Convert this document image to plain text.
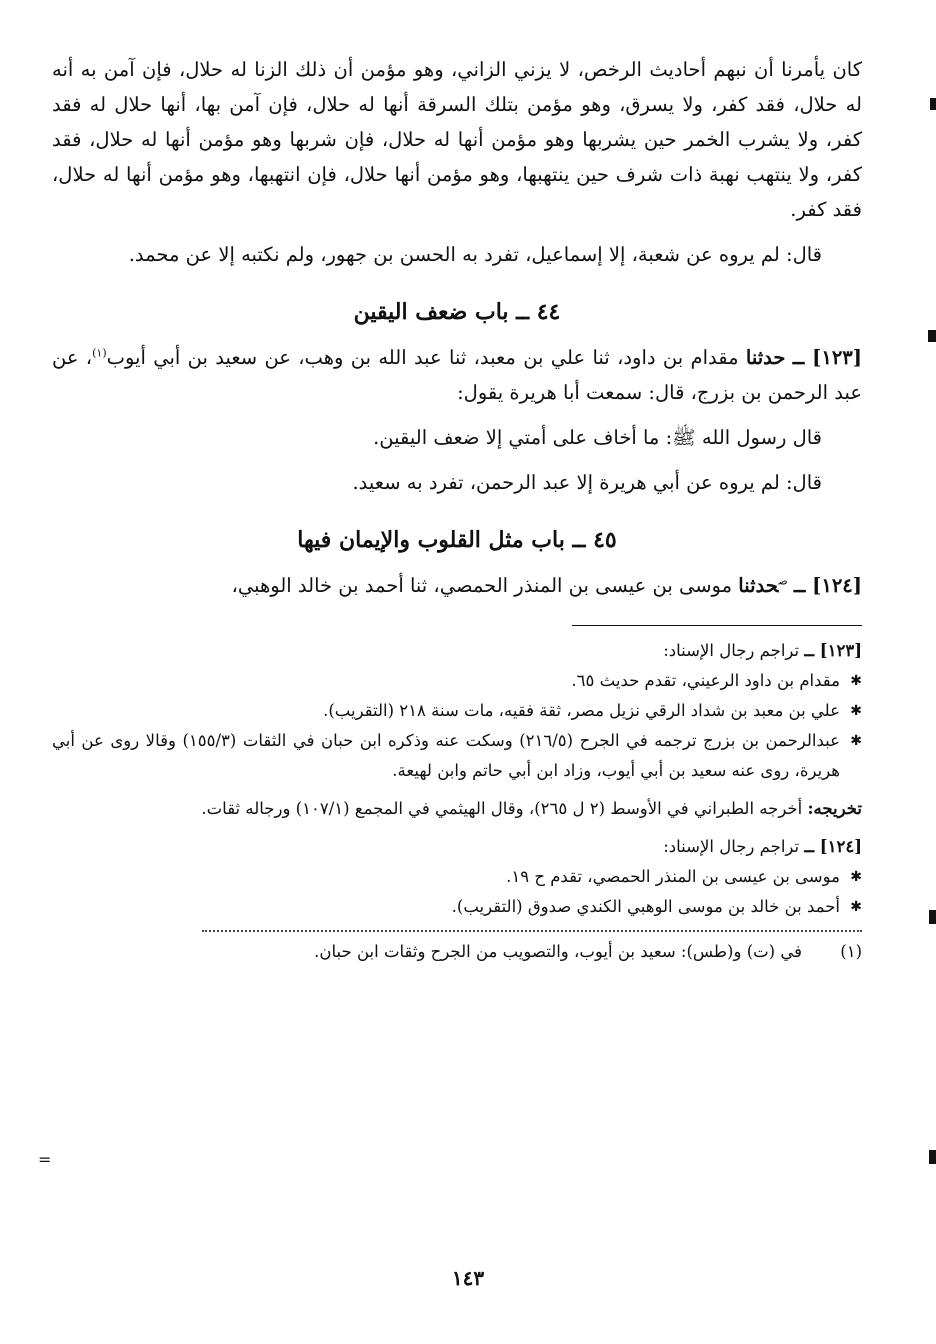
=

كان يأمرنا أن نبهم أحاديث الرخص، لا يزني الزاني، وهو مؤمن أن ذلك الزنا له حلال، فإن آمن به أنه له حلال، فقد كفر، ولا يسرق، وهو مؤمن بتلك السرقة أنها له حلال، فإن آمن بها، أنها حلال له فقد كفر، ولا يشرب الخمر حين يشربها وهو مؤمن أنها له حلال، فإن شربها وهو مؤمن أنها له حلال، فقد كفر، ولا ينتهب نهبة ذات شرف حين ينتهبها، وهو مؤمن أنها حلال، فإن انتهبها، وهو مؤمن أنها له حلال، فقد كفر.

قال: لم يروه عن شعبة، إلا إسماعيل، تفرد به الحسن بن جهور، ولم نكتبه إلا عن محمد.

٤٤ ــ باب ضعف اليقين

[١٢٣] ــ حدثنا مقدام بن داود، ثنا علي بن معبد، ثنا عبد الله بن وهب، عن سعيد بن أبي أيوب$^{(١)}$، عن عبد الرحمن بن بزرج، قال: سمعت أبا هريرة يقول:

قال رسول الله ﷺ: ما أخاف على أمتي إلا ضعف اليقين.

قال: لم يروه عن أبي هريرة إلا عبد الرحمن، تفرد به سعيد.

٤٥ ــ باب مثل القلوب والإيمان فيها

[١٢٤] ــ $^ص$حدثنا موسى بن عيسى بن المنذر الحمصي، ثنا أحمد بن خالد الوهبي،

[١٢٣] ــ تراجم رجال الإسناد:

✱
مقدام بن داود الرعيني، تقدم حديث ٦٥.
✱
علي بن معبد بن شداد الرقي نزيل مصر، ثقة فقيه، مات سنة ٢١٨ (التقريب).
✱
عبدالرحمن بن بزرج ترجمه في الجرح (٢١٦/٥) وسكت عنه وذكره ابن حبان في الثقات (١٥٥/٣) وقالا روى عن أبي هريرة، روى عنه سعيد بن أبي أيوب، وزاد ابن أبي حاتم وابن لهيعة.

تخريجه: أخرجه الطبراني في الأوسط (٢ ل ٢٦٥)، وقال الهيثمي في المجمع (١٠٧/١) ورجاله ثقات.

[١٢٤] ــ تراجم رجال الإسناد:

✱
موسى بن عيسى بن المنذر الحمصي، تقدم ح ١٩.
✱
أحمد بن خالد بن موسى الوهبي الكندي صدوق (التقريب).
(١)
في (ت) و(طس): سعيد بن أيوب، والتصويب من الجرح وثقات ابن حبان.
١٤٣
